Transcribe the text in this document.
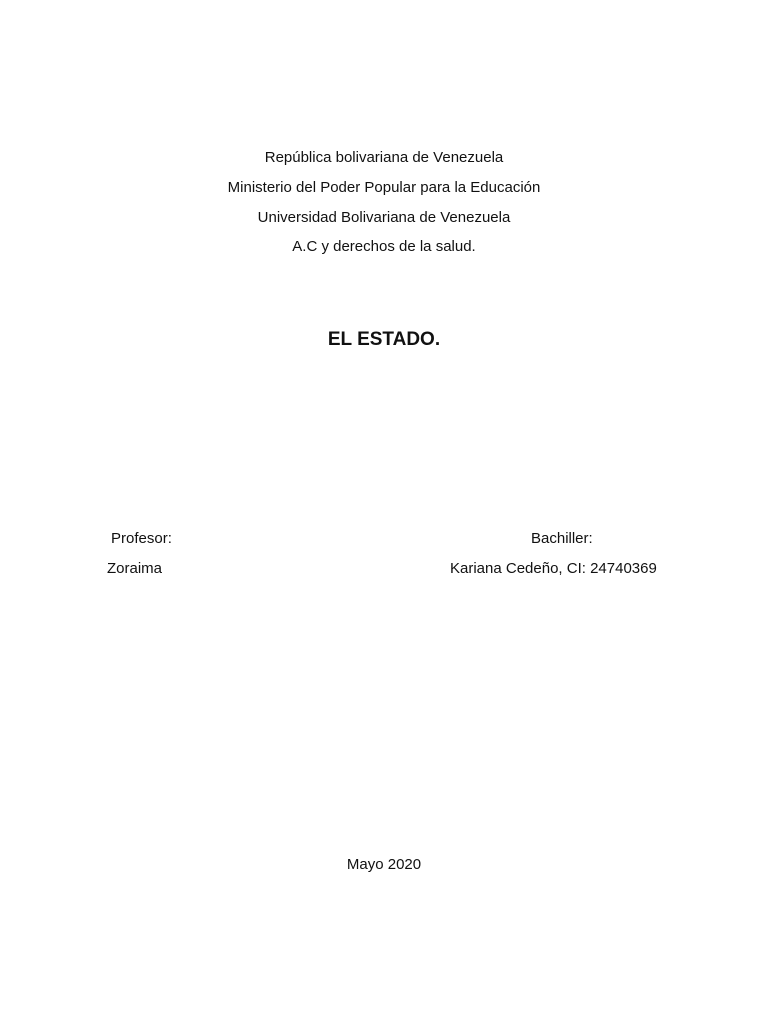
República bolivariana de Venezuela
Ministerio del Poder Popular para la Educación
Universidad Bolivariana de Venezuela
A.C y derechos de la salud.
EL ESTADO.
Profesor:
Zoraima
Bachiller:
Kariana Cedeño, CI: 24740369
Mayo 2020
